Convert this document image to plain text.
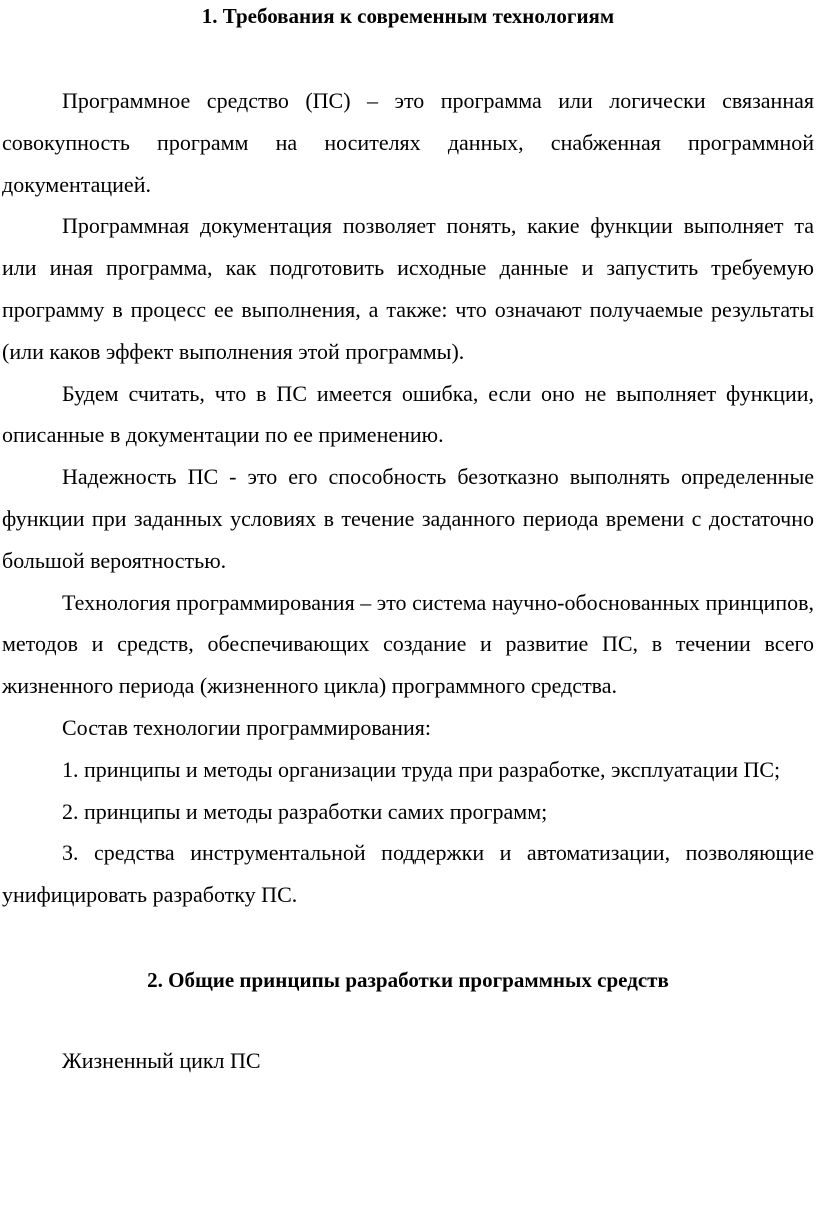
1. Требования к современным технологиям

Программное средство (ПС) – это программа или логически связанная совокупность программ на носителях данных, снабженная программной документацией.

Программная документация позволяет понять, какие функции выполняет та или иная программа, как подготовить исходные данные и запустить требуемую программу в процесс ее выполнения, а также: что означают получаемые результаты (или каков эффект выполнения этой программы).

Будем считать, что в ПС имеется ошибка, если оно не выполняет функции, описанные в документации по ее применению.

Надежность ПС - это его способность безотказно выполнять определенные функции при заданных условиях в течение заданного периода времени с достаточно большой вероятностью.

Технология программирования – это система научно-обоснованных принципов, методов и средств, обеспечивающих создание и развитие ПС, в течении всего жизненного периода (жизненного цикла) программного средства.

Состав технологии программирования:

1. принципы и методы организации труда при разработке, эксплуатации ПС;

2. принципы и методы разработки самих программ;

3. средства инструментальной поддержки и автоматизации, позволяющие унифицировать разработку ПС.

2. Общие принципы разработки программных средств

Жизненный цикл ПС
